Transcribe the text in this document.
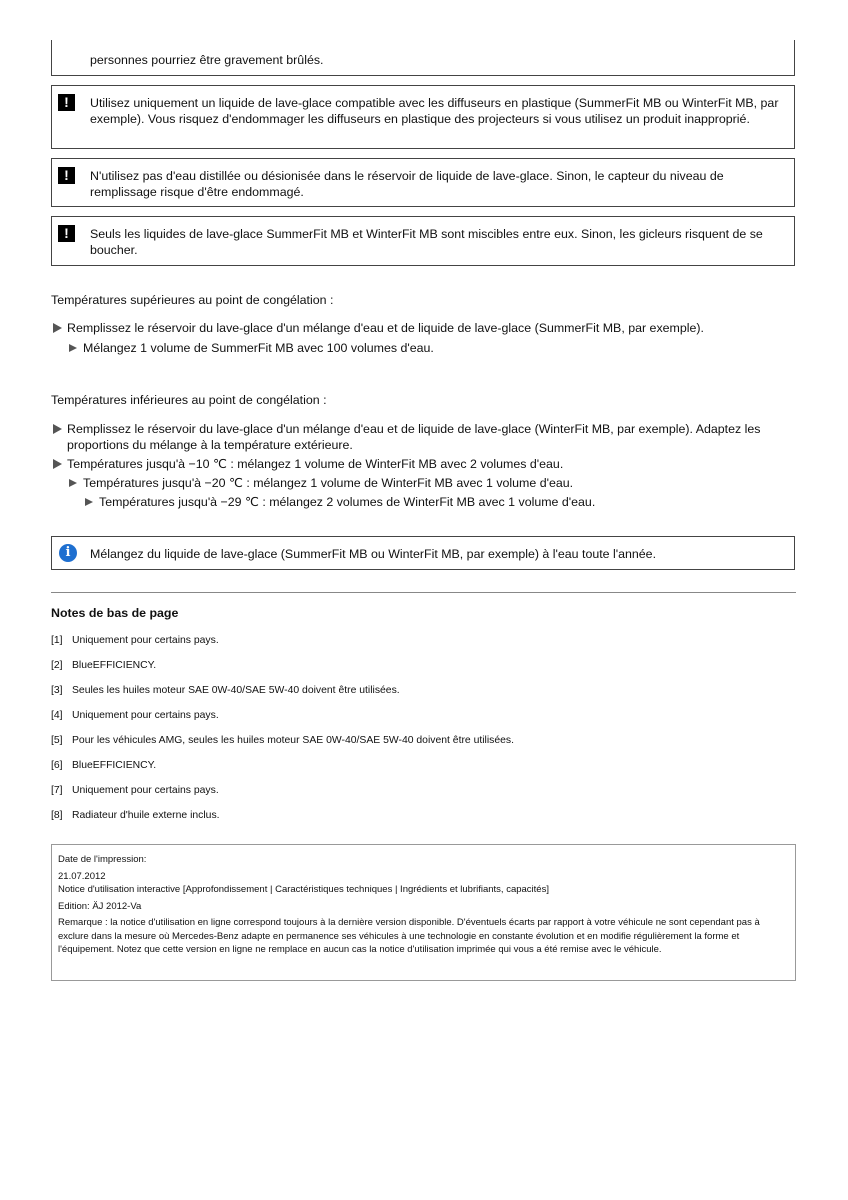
personnes pourriez être gravement brûlés.
!	Utilisez uniquement un liquide de lave-glace compatible avec les diffuseurs en plastique (SummerFit MB ou WinterFit MB, par exemple). Vous risquez d'endommager les diffuseurs en plastique des projecteurs si vous utilisez un produit inapproprié.
!	N'utilisez pas d'eau distillée ou désionisée dans le réservoir de liquide de lave-glace. Sinon, le capteur du niveau de remplissage risque d'être endommagé.
!	Seuls les liquides de lave-glace SummerFit MB et WinterFit MB sont miscibles entre eux. Sinon, les gicleurs risquent de se boucher.
Températures supérieures au point de congélation :
Remplissez le réservoir du lave-glace d'un mélange d'eau et de liquide de lave-glace (SummerFit MB, par exemple).
Mélangez 1 volume de SummerFit MB avec 100 volumes d'eau.
Températures inférieures au point de congélation :
Remplissez le réservoir du lave-glace d'un mélange d'eau et de liquide de lave-glace (WinterFit MB, par exemple). Adaptez les proportions du mélange à la température extérieure.
Températures jusqu'à −10 ℃ : mélangez 1 volume de WinterFit MB avec 2 volumes d'eau.
Températures jusqu'à −20 ℃ : mélangez 1 volume de WinterFit MB avec 1 volume d'eau.
Températures jusqu'à −29 ℃ : mélangez 2 volumes de WinterFit MB avec 1 volume d'eau.
i	Mélangez du liquide de lave-glace (SummerFit MB ou WinterFit MB, par exemple) à l'eau toute l'année.
Notes de bas de page
[1] Uniquement pour certains pays.
[2] BlueEFFICIENCY.
[3] Seules les huiles moteur SAE 0W-40/SAE 5W-40 doivent être utilisées.
[4] Uniquement pour certains pays.
[5] Pour les véhicules AMG, seules les huiles moteur SAE 0W-40/SAE 5W-40 doivent être utilisées.
[6] BlueEFFICIENCY.
[7] Uniquement pour certains pays.
[8] Radiateur d'huile externe inclus.
Date de l'impression:
21.07.2012
Notice d'utilisation interactive [Approfondissement | Caractéristiques techniques | Ingrédients et lubrifiants, capacités]
Edition: ÄJ 2012-Va
Remarque : la notice d'utilisation en ligne correspond toujours à la dernière version disponible. D'éventuels écarts par rapport à votre véhicule ne sont cependant pas à exclure dans la mesure où Mercedes-Benz adapte en permanence ses véhicules à une technologie en constante évolution et en modifie régulièrement la forme et l'équipement. Notez que cette version en ligne ne remplace en aucun cas la notice d'utilisation imprimée qui vous a été remise avec le véhicule.
